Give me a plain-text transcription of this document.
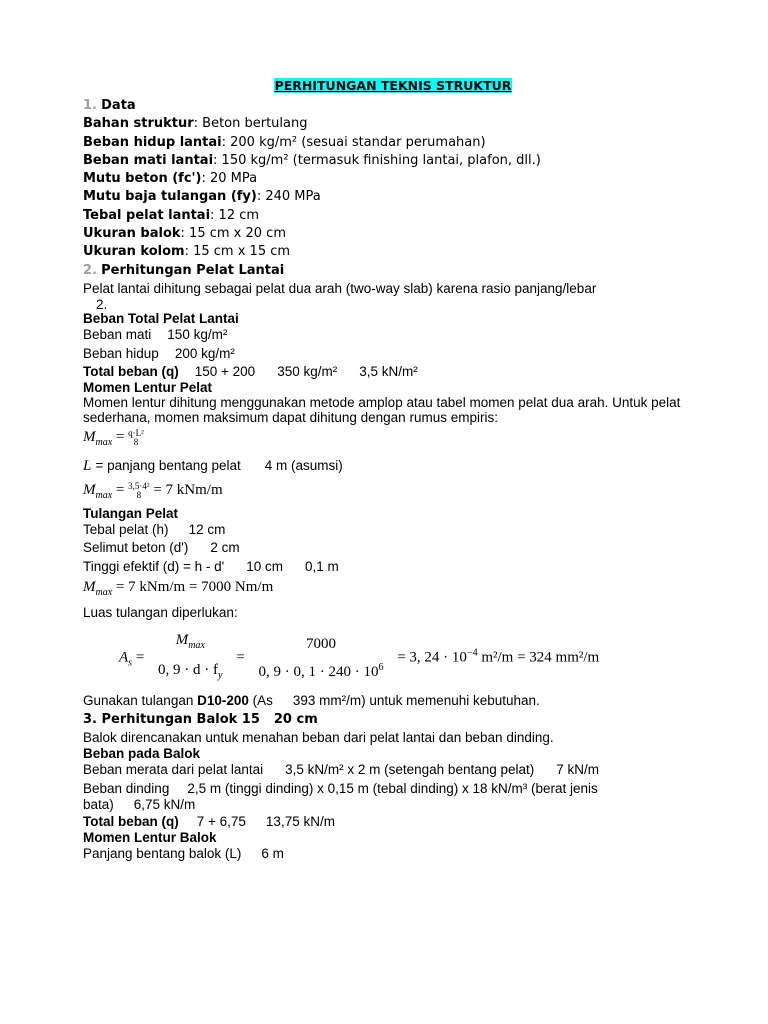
PERHITUNGAN TEKNIS STRUKTUR
1. Data
Bahan struktur: Beton bertulang
Beban hidup lantai: 200 kg/m² (sesuai standar perumahan)
Beban mati lantai: 150 kg/m² (termasuk finishing lantai, plafon, dll.)
Mutu beton (fc'): 20 MPa
Mutu baja tulangan (fy): 240 MPa
Tebal pelat lantai: 12 cm
Ukuran balok: 15 cm x 20 cm
Ukuran kolom: 15 cm x 15 cm
2. Perhitungan Pelat Lantai
Pelat lantai dihitung sebagai pelat dua arah (two-way slab) karena rasio panjang/lebar
2.
Beban Total Pelat Lantai
Beban mati 150 kg/m²
Beban hidup 200 kg/m²
Total beban (q) 150 + 200 350 kg/m² 3,5 kN/m²
Momen Lentur Pelat
Momen lentur dihitung menggunakan metode amplop atau tabel momen pelat dua arah. Untuk pelat sederhana, momen maksimum dapat dihitung dengan rumus empiris:
$M_{max} = q\cdot L^2$
8
L = panjang bentang pelat 4 m (asumsi)
$M_{max} = 3,5\cdot 4^2$
8 = 7 kNm/m
Tulangan Pelat
Tebal pelat (h) 12 cm
Selimut beton (d') 2 cm
Tinggi efektif (d) = h - d' 10 cm 0,1 m
$M_{max} = 7$ kNm/m = 7000 Nm/m
Luas tulangan diperlukan:
$A_s$ =
$M_{max}$
0, $9 \cdot d \cdot f_y$
=
7000
0, 9 · 0, $1 \cdot 240 \cdot 10^6$
= 3, $24 \cdot 10^{-4}$ m²/m = 324 mm²/m
Gunakan tulangan D10-200 (As 393 mm²/m) untuk memenuhi kebutuhan.
3. Perhitungan Balok 15 20 cm
Balok direncanakan untuk menahan beban dari pelat lantai dan beban dinding.
Beban pada Balok
Beban merata dari pelat lantai 3,5 kN/m² x 2 m (setengah bentang pelat) 7 kN/m
Beban dinding 2,5 m (tinggi dinding) x 0,15 m (tebal dinding) x 18 kN/m³ (berat jenis
bata) 6,75 kN/m
Total beban (q) 7 + 6,75 13,75 kN/m
Momen Lentur Balok
Panjang bentang balok (L) 6 m
